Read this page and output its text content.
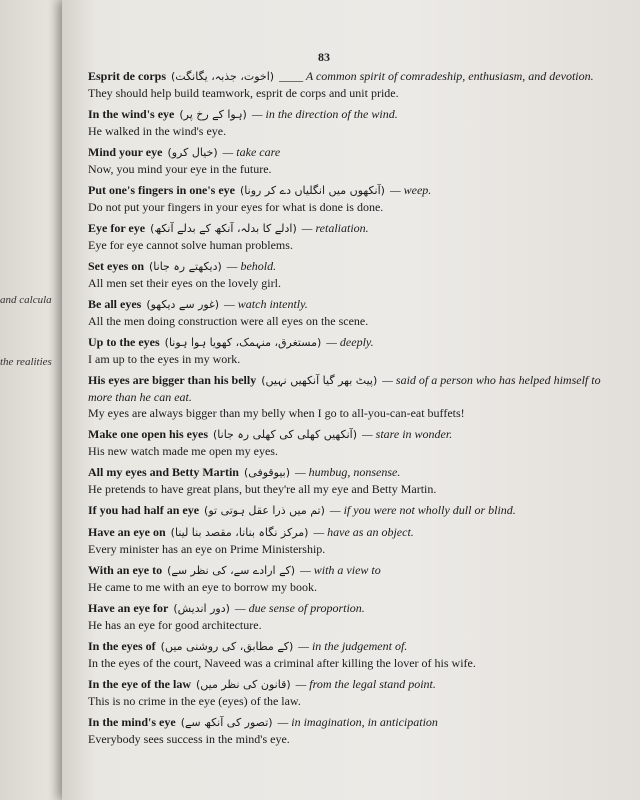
and calcula
the realities
83
Esprit de corps (اخوت، جذبہ، یگانگت) ____ A common spirit of comradeship, enthusiasm, and devotion.
They should help build teamwork, esprit de corps and unit pride.
In the wind's eye (ہوا کے رخ پر) — in the direction of the wind.
He walked in the wind's eye.
Mind your eye (خیال کرو) — take care
Now, you mind your eye in the future.
Put one's fingers in one's eye (آنکھوں میں انگلیاں دے کر رونا) — weep.
Do not put your fingers in your eyes for what is done is done.
Eye for eye (ادلے کا بدلہ، آنکھ کے بدلے آنکھ) — retaliation.
Eye for eye cannot solve human problems.
Set eyes on (دیکھتے رہ جانا) — behold.
All men set their eyes on the lovely girl.
Be all eyes (غور سے دیکھو) — watch intently.
All the men doing construction were all eyes on the scene.
Up to the eyes (مستغرق، منہمک، کھویا ہوا ہونا) — deeply.
I am up to the eyes in my work.
His eyes are bigger than his belly (پیٹ بھر گیا آنکھیں نہیں) — said of a person who has helped himself to more than he can eat.
My eyes are always bigger than my belly when I go to all-you-can-eat buffets!
Make one open his eyes (آنکھیں کھلی کی کھلی رہ جانا) — stare in wonder.
His new watch made me open my eyes.
All my eyes and Betty Martin (بیوقوفی) — humbug, nonsense.
He pretends to have great plans, but they're all my eye and Betty Martin.
If you had half an eye (تم میں ذرا عقل ہوتی تو) — if you were not wholly dull or blind.
Have an eye on (مرکز نگاہ بنانا، مقصد بنا لینا) — have as an object.
Every minister has an eye on Prime Ministership.
With an eye to (کے ارادے سے، کی نظر سے) — with a view to
He came to me with an eye to borrow my book.
Have an eye for (دور اندیش) — due sense of proportion.
He has an eye for good architecture.
In the eyes of (کے مطابق، کی روشنی میں) — in the judgement of.
In the eyes of the court, Naveed was a criminal after killing the lover of his wife.
In the eye of the law (قانون کی نظر میں) — from the legal stand point.
This is no crime in the eye (eyes) of the law.
In the mind's eye (تصور کی آنکھ سے) — in imagination, in anticipation
Everybody sees success in the mind's eye.
